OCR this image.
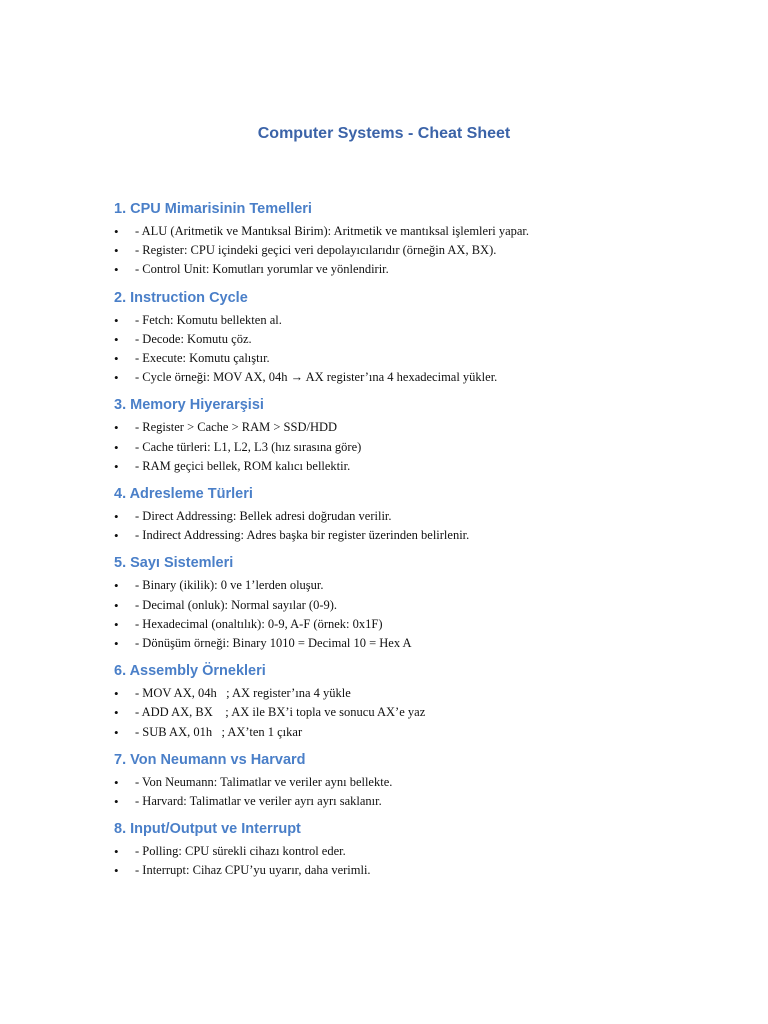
Computer Systems - Cheat Sheet
1. CPU Mimarisinin Temelleri
• - ALU (Aritmetik ve Mantıksal Birim): Aritmetik ve mantıksal işlemleri yapar.
• - Register: CPU içindeki geçici veri depolayıcılarıdır (örneğin AX, BX).
• - Control Unit: Komutları yorumlar ve yönlendirir.
2. Instruction Cycle
• - Fetch: Komutu bellekten al.
• - Decode: Komutu çöz.
• - Execute: Komutu çalıştır.
• - Cycle örneği: MOV AX, 04h → AX register’ına 4 hexadecimal yükler.
3. Memory Hiyerarşisi
• - Register > Cache > RAM > SSD/HDD
• - Cache türleri: L1, L2, L3 (hız sırasına göre)
• - RAM geçici bellek, ROM kalıcı bellektir.
4. Adresleme Türleri
• - Direct Addressing: Bellek adresi doğrudan verilir.
• - Indirect Addressing: Adres başka bir register üzerinden belirlenir.
5. Sayı Sistemleri
• - Binary (ikilik): 0 ve 1’lerden oluşur.
• - Decimal (onluk): Normal sayılar (0-9).
• - Hexadecimal (onaltılık): 0-9, A-F (örnek: 0x1F)
• - Dönüşüm örneği: Binary 1010 = Decimal 10 = Hex A
6. Assembly Örnekleri
• - MOV AX, 04h   ; AX register’ına 4 yükle
• - ADD AX, BX    ; AX ile BX’i topla ve sonucu AX’e yaz
• - SUB AX, 01h   ; AX’ten 1 çıkar
7. Von Neumann vs Harvard
• - Von Neumann: Talimatlar ve veriler aynı bellekte.
• - Harvard: Talimatlar ve veriler ayrı ayrı saklanır.
8. Input/Output ve Interrupt
• - Polling: CPU sürekli cihazı kontrol eder.
• - Interrupt: Cihaz CPU’yu uyarır, daha verimli.
